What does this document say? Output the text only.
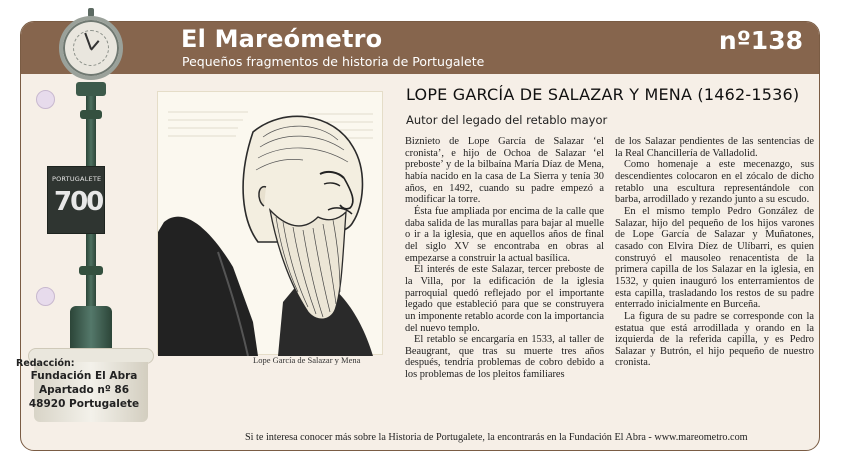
El Mareómetro
Pequeños fragmentos de historia de Portugalete
nº138
Lope García de Salazar y Mena
LOPE GARCÍA DE SALAZAR Y MENA (1462-1536)
Autor del legado del retablo mayor

Biznieto de Lope García de Salazar ‘el cronista’, e hijo de Ochoa de Salazar ‘el preboste’ y de la bilbaína María Díaz de Mena, había nacido en la casa de La Sierra y tenía 30 años, en 1492, cuando su padre empezó a modificar la torre.

Ésta fue ampliada por encima de la calle que daba salida de las murallas para bajar al muelle o ir a la iglesia, que en aquellos años de final del siglo XV se encontraba en obras al empezarse a construir la actual basílica.

El interés de este Salazar, tercer preboste de la Villa, por la edificación de la iglesia parroquial quedó reflejado por el importante legado que estableció para que se construyera un imponente retablo acorde con la importancia del nuevo templo.

El retablo se encargaría en 1533, al taller de Beaugrant, que tras su muerte tres años después, tendría problemas de cobro debido a los problemas de los pleitos familiares

de los Salazar pendientes de las sentencias de la Real Chancillería de Valladolid.

Como homenaje a este mecenazgo, sus descendientes colocaron en el zócalo de dicho retablo una escultura representándole con barba, arrodillado y rezando junto a su escudo.

En el mismo templo Pedro González de Salazar, hijo del pequeño de los hijos varones de Lope García de Salazar y Muñatones, casado con Elvira Díez de Ulíbarri, es quien construyó el mausoleo renacentista de la primera capilla de los Salazar en la iglesia, en 1532, y quien inauguró los enterramientos de esta capilla, trasladando los restos de su padre enterrado inicialmente en Burceña.

La figura de su padre se corresponde con la estatua que está arrodillada y orando en la izquierda de la referida capilla, y es Pedro Salazar y Butrón, el hijo pequeño de nuestro cronista.

Si te interesa conocer más sobre la Historia de Portugalete, la encontrarás en la Fundación El Abra - www.mareometro.com
PORTUGALETE
700
Redacción:
Fundación El Abra
Apartado nº 86
48920 Portugalete
